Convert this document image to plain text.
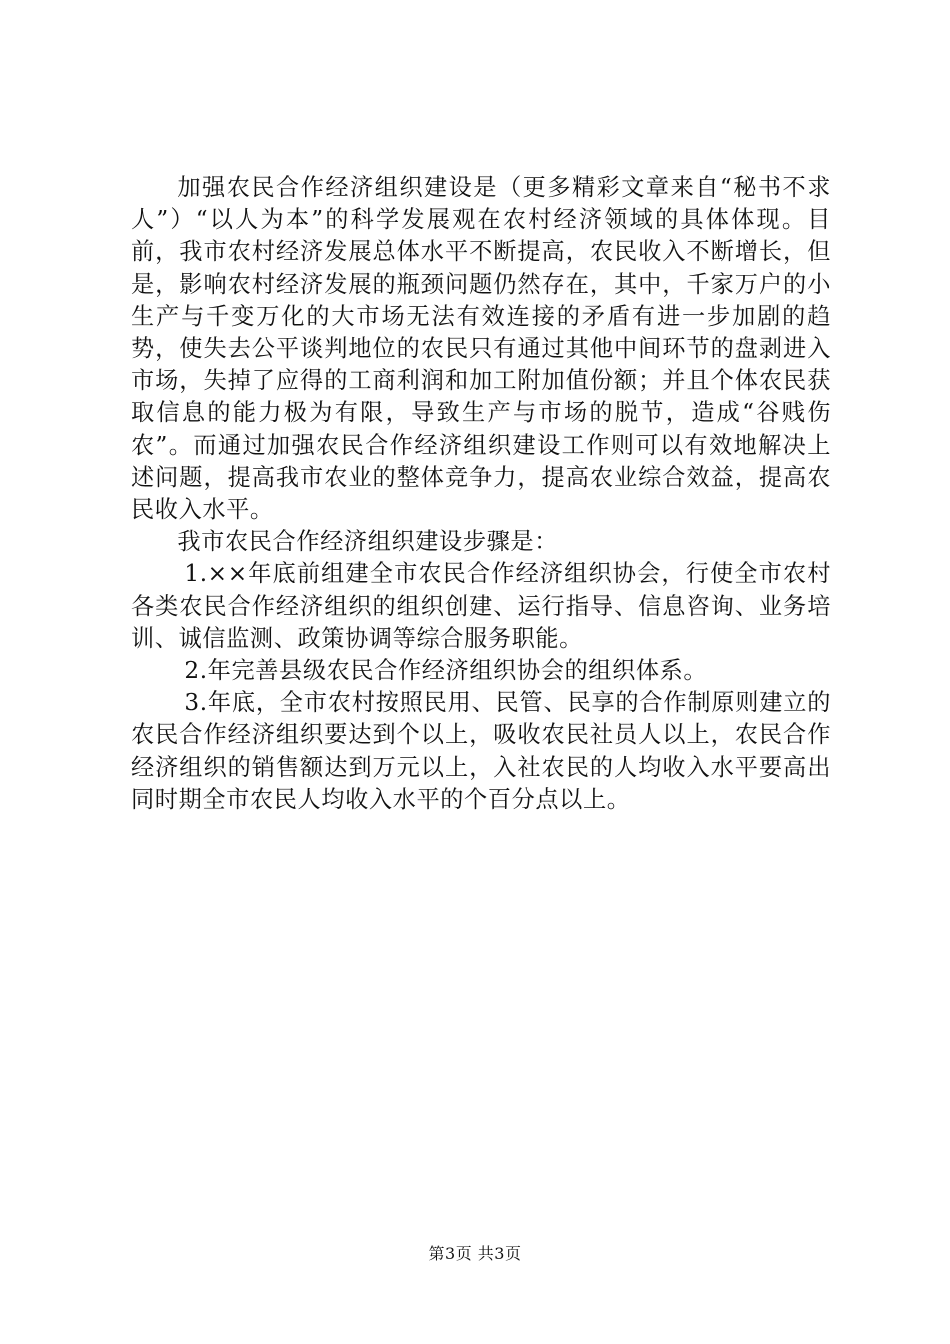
加强农民合作经济组织建设是（更多精彩文章来自“秘书不求人”）“以人为本”的科学发展观在农村经济领域的具体体现。目前，我市农村经济发展总体水平不断提高，农民收入不断增长，但是，影响农村经济发展的瓶颈问题仍然存在，其中，千家万户的小生产与千变万化的大市场无法有效连接的矛盾有进一步加剧的趋势，使失去公平谈判地位的农民只有通过其他中间环节的盘剥进入市场，失掉了应得的工商利润和加工附加值份额；并且个体农民获取信息的能力极为有限，导致生产与市场的脱节，造成“谷贱伤农”。而通过加强农民合作经济组织建设工作则可以有效地解决上述问题，提高我市农业的整体竞争力，提高农业综合效益，提高农民收入水平。

我市农民合作经济组织建设步骤是：

1.××年底前组建全市农民合作经济组织协会，行使全市农村各类农民合作经济组织的组织创建、运行指导、信息咨询、业务培训、诚信监测、政策协调等综合服务职能。

2.年完善县级农民合作经济组织协会的组织体系。

3.年底，全市农村按照民用、民管、民享的合作制原则建立的农民合作经济组织要达到个以上，吸收农民社员人以上，农民合作经济组织的销售额达到万元以上，入社农民的人均收入水平要高出同时期全市农民人均收入水平的个百分点以上。

第3页 共3页
